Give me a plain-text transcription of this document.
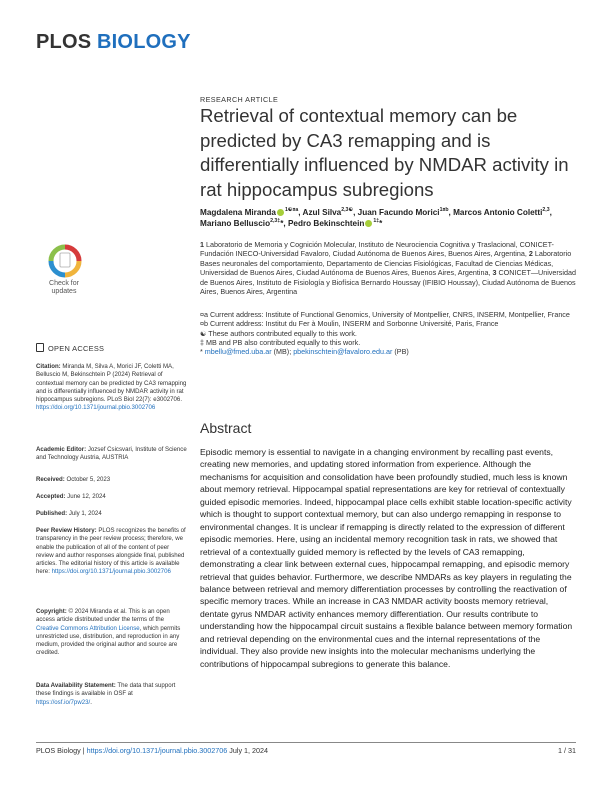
PLOS BIOLOGY
RESEARCH ARTICLE
Retrieval of contextual memory can be predicted by CA3 remapping and is differentially influenced by NMDAR activity in rat hippocampus subregions
Magdalena Miranda $^{1☯¤a}$, Azul Silva$^{2,3☯}$, Juan Facundo Morici$^{1¤b}$, Marcos Antonio Coletti$^{2,3}$, Mariano Belluscio$^{2,3\ddagger}$*, Pedro Bekinschtein $^{1\ddagger}$*
1 Laboratorio de Memoria y Cognición Molecular, Instituto de Neurociencia Cognitiva y Traslacional, CONICET-Fundación INECO-Universidad Favaloro, Ciudad Autónoma de Buenos Aires, Buenos Aires, Argentina, 2 Laboratorio Bases neuronales del comportamiento, Departamento de Ciencias Fisiológicas, Facultad de Ciencias Médicas, Universidad de Buenos Aires, Ciudad Autónoma de Buenos Aires, Buenos Aires, Argentina, 3 CONICET—Universidad de Buenos Aires, Instituto de Fisiología y Biofísica Bernardo Houssay (IFIBIO Houssay), Ciudad Autónoma de Buenos Aires, Buenos Aires, Argentina

¤a Current address: Institute of Functional Genomics, University of Montpellier, CNRS, INSERM, Montpellier, France

¤b Current address: Institut du Fer à Moulin, INSERM and Sorbonne Université, Paris, France

☯ These authors contributed equally to this work.

‡ MB and PB also contributed equally to this work.

* mbellu@fmed.uba.ar (MB); pbekinschtein@favaloro.edu.ar (PB)

Abstract
Episodic memory is essential to navigate in a changing environment by recalling past events, creating new memories, and updating stored information from experience. Although the mechanisms for acquisition and consolidation have been profoundly studied, much less is known about memory retrieval. Hippocampal spatial representations are key for retrieval of contextually guided episodic memories. Indeed, hippocampal place cells exhibit stable location-specific activity which is thought to support contextual memory, but can also undergo remapping in response to environmental changes. It is unclear if remapping is directly related to the expression of different episodic memories. Here, using an incidental memory recognition task in rats, we showed that retrieval of a contextually guided memory is reflected by the levels of CA3 remapping, demonstrating a clear link between external cues, hippocampal remapping, and episodic memory retrieval that guides behavior. Furthermore, we describe NMDARs as key players in regulating the balance between retrieval and memory differentiation processes by controlling the reactivation of specific memory traces. While an increase in CA3 NMDAR activity boosts memory retrieval, dentate gyrus NMDAR activity enhances memory differentiation. Our results contribute to understanding how the hippocampal circuit sustains a flexible balance between memory formation and retrieval depending on the environmental cues and the internal representations of the individual. They also provide new insights into the molecular mechanisms underlying the contributions of hippocampal subregions to generate this balance.
Check for
updates
OPEN ACCESS
Citation: Miranda M, Silva A, Morici JF, Coletti MA, Belluscio M, Bekinschtein P (2024) Retrieval of contextual memory can be predicted by CA3 remapping and is differentially influenced by NMDAR activity in rat hippocampus subregions. PLoS Biol 22(7): e3002706. https://doi.org/10.1371/journal.pbio.3002706
Academic Editor: Jozsef Csicsvari, Institute of Science and Technology Austria, AUSTRIA
Received: October 5, 2023
Accepted: June 12, 2024
Published: July 1, 2024
Peer Review History: PLOS recognizes the benefits of transparency in the peer review process; therefore, we enable the publication of all of the content of peer review and author responses alongside final, published articles. The editorial history of this article is available here: https://doi.org/10.1371/journal.pbio.3002706
Copyright: © 2024 Miranda et al. This is an open access article distributed under the terms of the Creative Commons Attribution License, which permits unrestricted use, distribution, and reproduction in any medium, provided the original author and source are credited.
Data Availability Statement: The data that support these findings is available in OSF at https://osf.io/7pw23/.
PLOS Biology | https://doi.org/10.1371/journal.pbio.3002706 July 1, 2024	1 / 31
